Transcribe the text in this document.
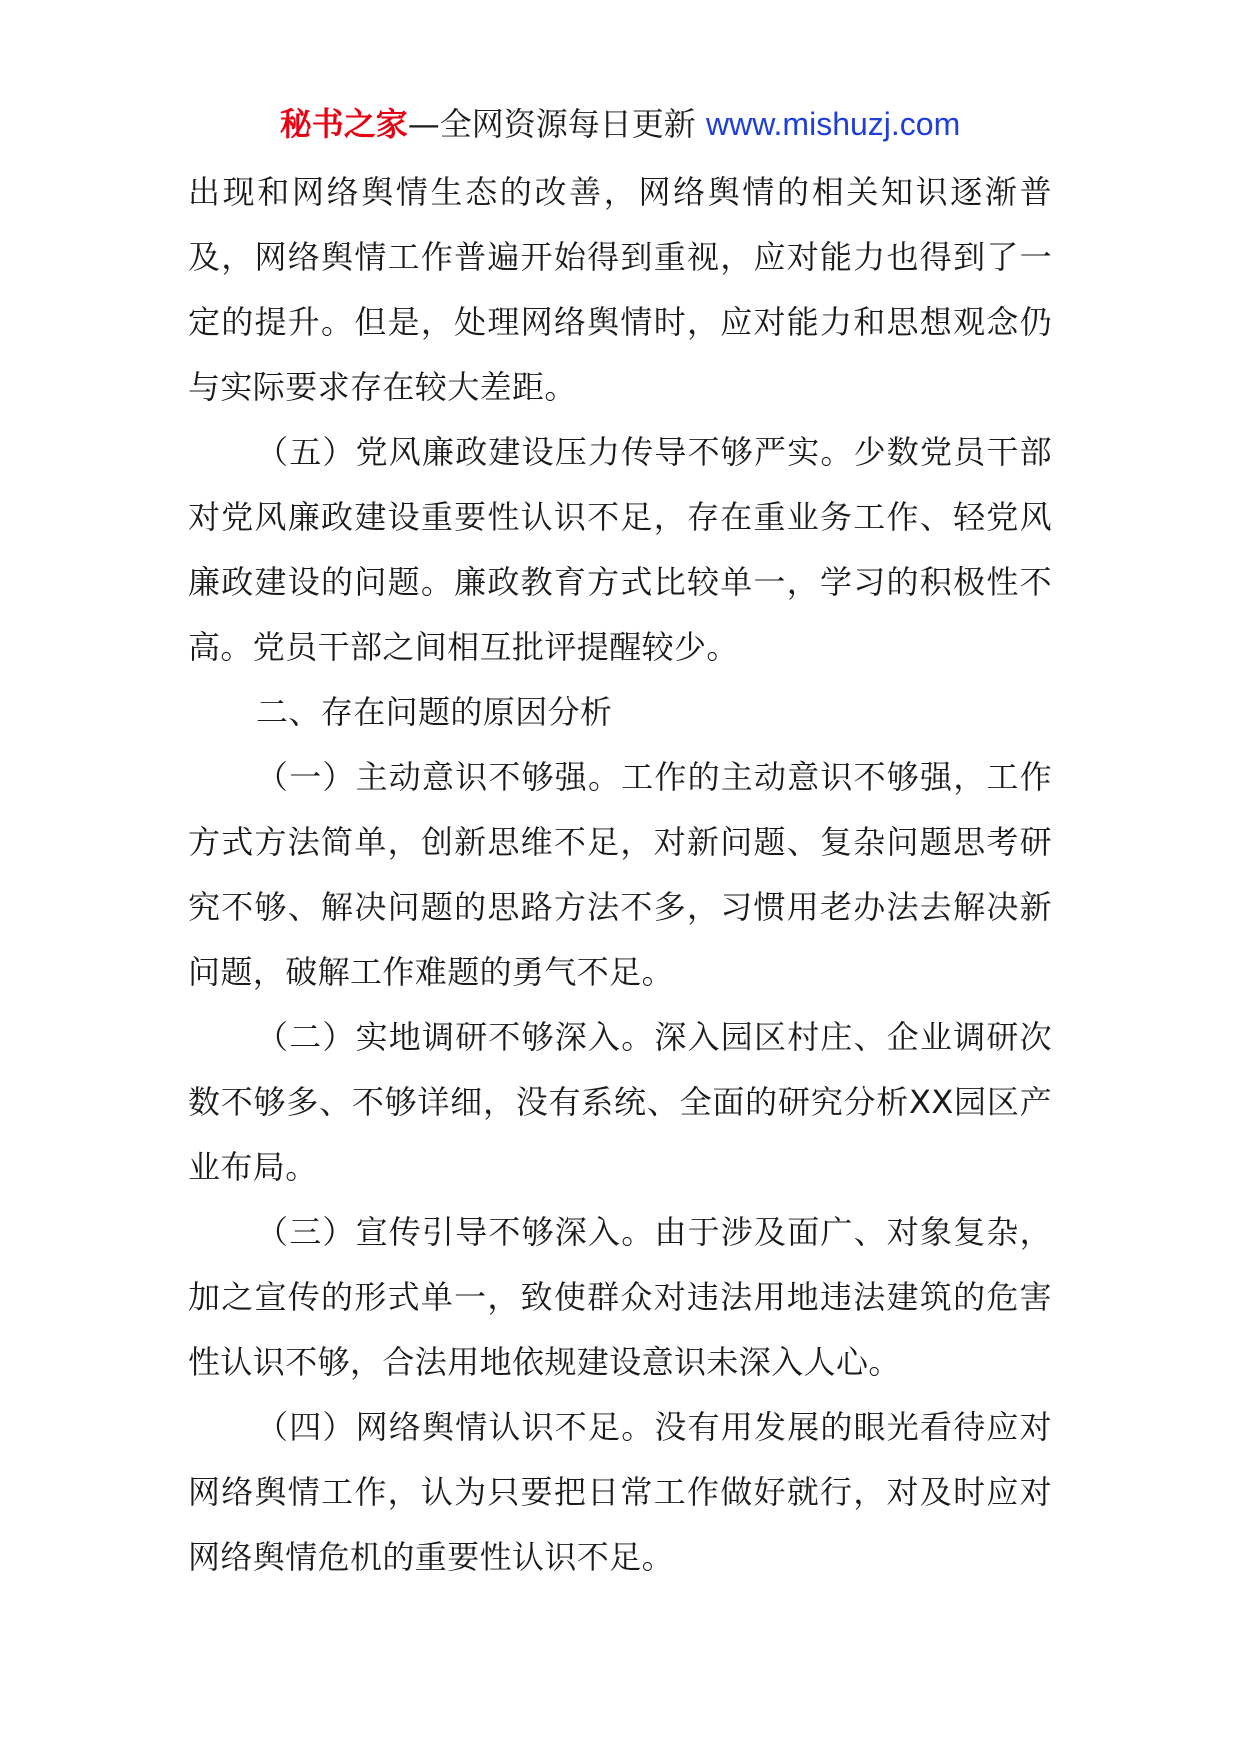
秘书之家—全网资源每日更新 www.mishuzj.com

出现和网络舆情生态的改善，网络舆情的相关知识逐渐普及，网络舆情工作普遍开始得到重视，应对能力也得到了一定的提升。但是，处理网络舆情时，应对能力和思想观念仍与实际要求存在较大差距。

（五）党风廉政建设压力传导不够严实。少数党员干部对党风廉政建设重要性认识不足，存在重业务工作、轻党风廉政建设的问题。廉政教育方式比较单一，学习的积极性不高。党员干部之间相互批评提醒较少。

二、存在问题的原因分析

（一）主动意识不够强。工作的主动意识不够强，工作方式方法简单，创新思维不足，对新问题、复杂问题思考研究不够、解决问题的思路方法不多，习惯用老办法去解决新问题，破解工作难题的勇气不足。

（二）实地调研不够深入。深入园区村庄、企业调研次数不够多、不够详细，没有系统、全面的研究分析XX园区产业布局。

（三）宣传引导不够深入。由于涉及面广、对象复杂，加之宣传的形式单一，致使群众对违法用地违法建筑的危害性认识不够，合法用地依规建设意识未深入人心。

（四）网络舆情认识不足。没有用发展的眼光看待应对网络舆情工作，认为只要把日常工作做好就行，对及时应对网络舆情危机的重要性认识不足。
